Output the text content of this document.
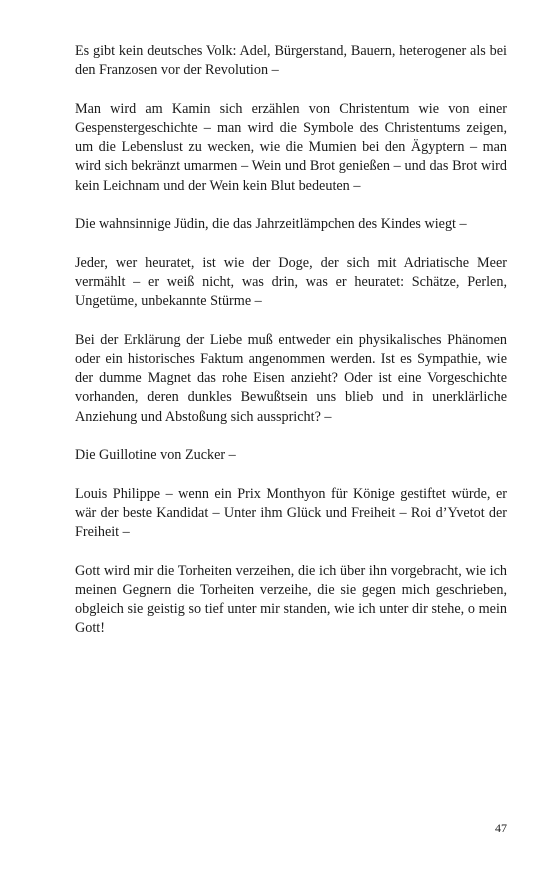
Es gibt kein deutsches Volk: Adel, Bürgerstand, Bauern, heterogener als bei den Franzosen vor der Revolution –

Man wird am Kamin sich erzählen von Christentum wie von einer Gespenstergeschichte – man wird die Symbole des Christentums zeigen, um die Lebenslust zu wecken, wie die Mumien bei den Ägyptern – man wird sich bekränzt umarmen – Wein und Brot genießen – und das Brot wird kein Leichnam und der Wein kein Blut bedeuten –

Die wahnsinnige Jüdin, die das Jahrzeitlämpchen des Kindes wiegt –

Jeder, wer heuratet, ist wie der Doge, der sich mit Adriatische Meer vermählt – er weiß nicht, was drin, was er heuratet: Schätze, Perlen, Ungetüme, unbekannte Stürme –

Bei der Erklärung der Liebe muß entweder ein physikalisches Phänomen oder ein historisches Faktum angenommen werden. Ist es Sympathie, wie der dumme Magnet das rohe Eisen anzieht? Oder ist eine Vorgeschichte vorhanden, deren dunkles Bewußtsein uns blieb und in unerklärliche Anziehung und Abstoßung sich ausspricht? –

Die Guillotine von Zucker –

Louis Philippe – wenn ein Prix Monthyon für Könige gestiftet würde, er wär der beste Kandidat – Unter ihm Glück und Freiheit – Roi d’Yvetot der Freiheit –

Gott wird mir die Torheiten verzeihen, die ich über ihn vorgebracht, wie ich meinen Gegnern die Torheiten verzeihe, die sie gegen mich geschrieben, obgleich sie geistig so tief unter mir standen, wie ich unter dir stehe, o mein Gott!

47
